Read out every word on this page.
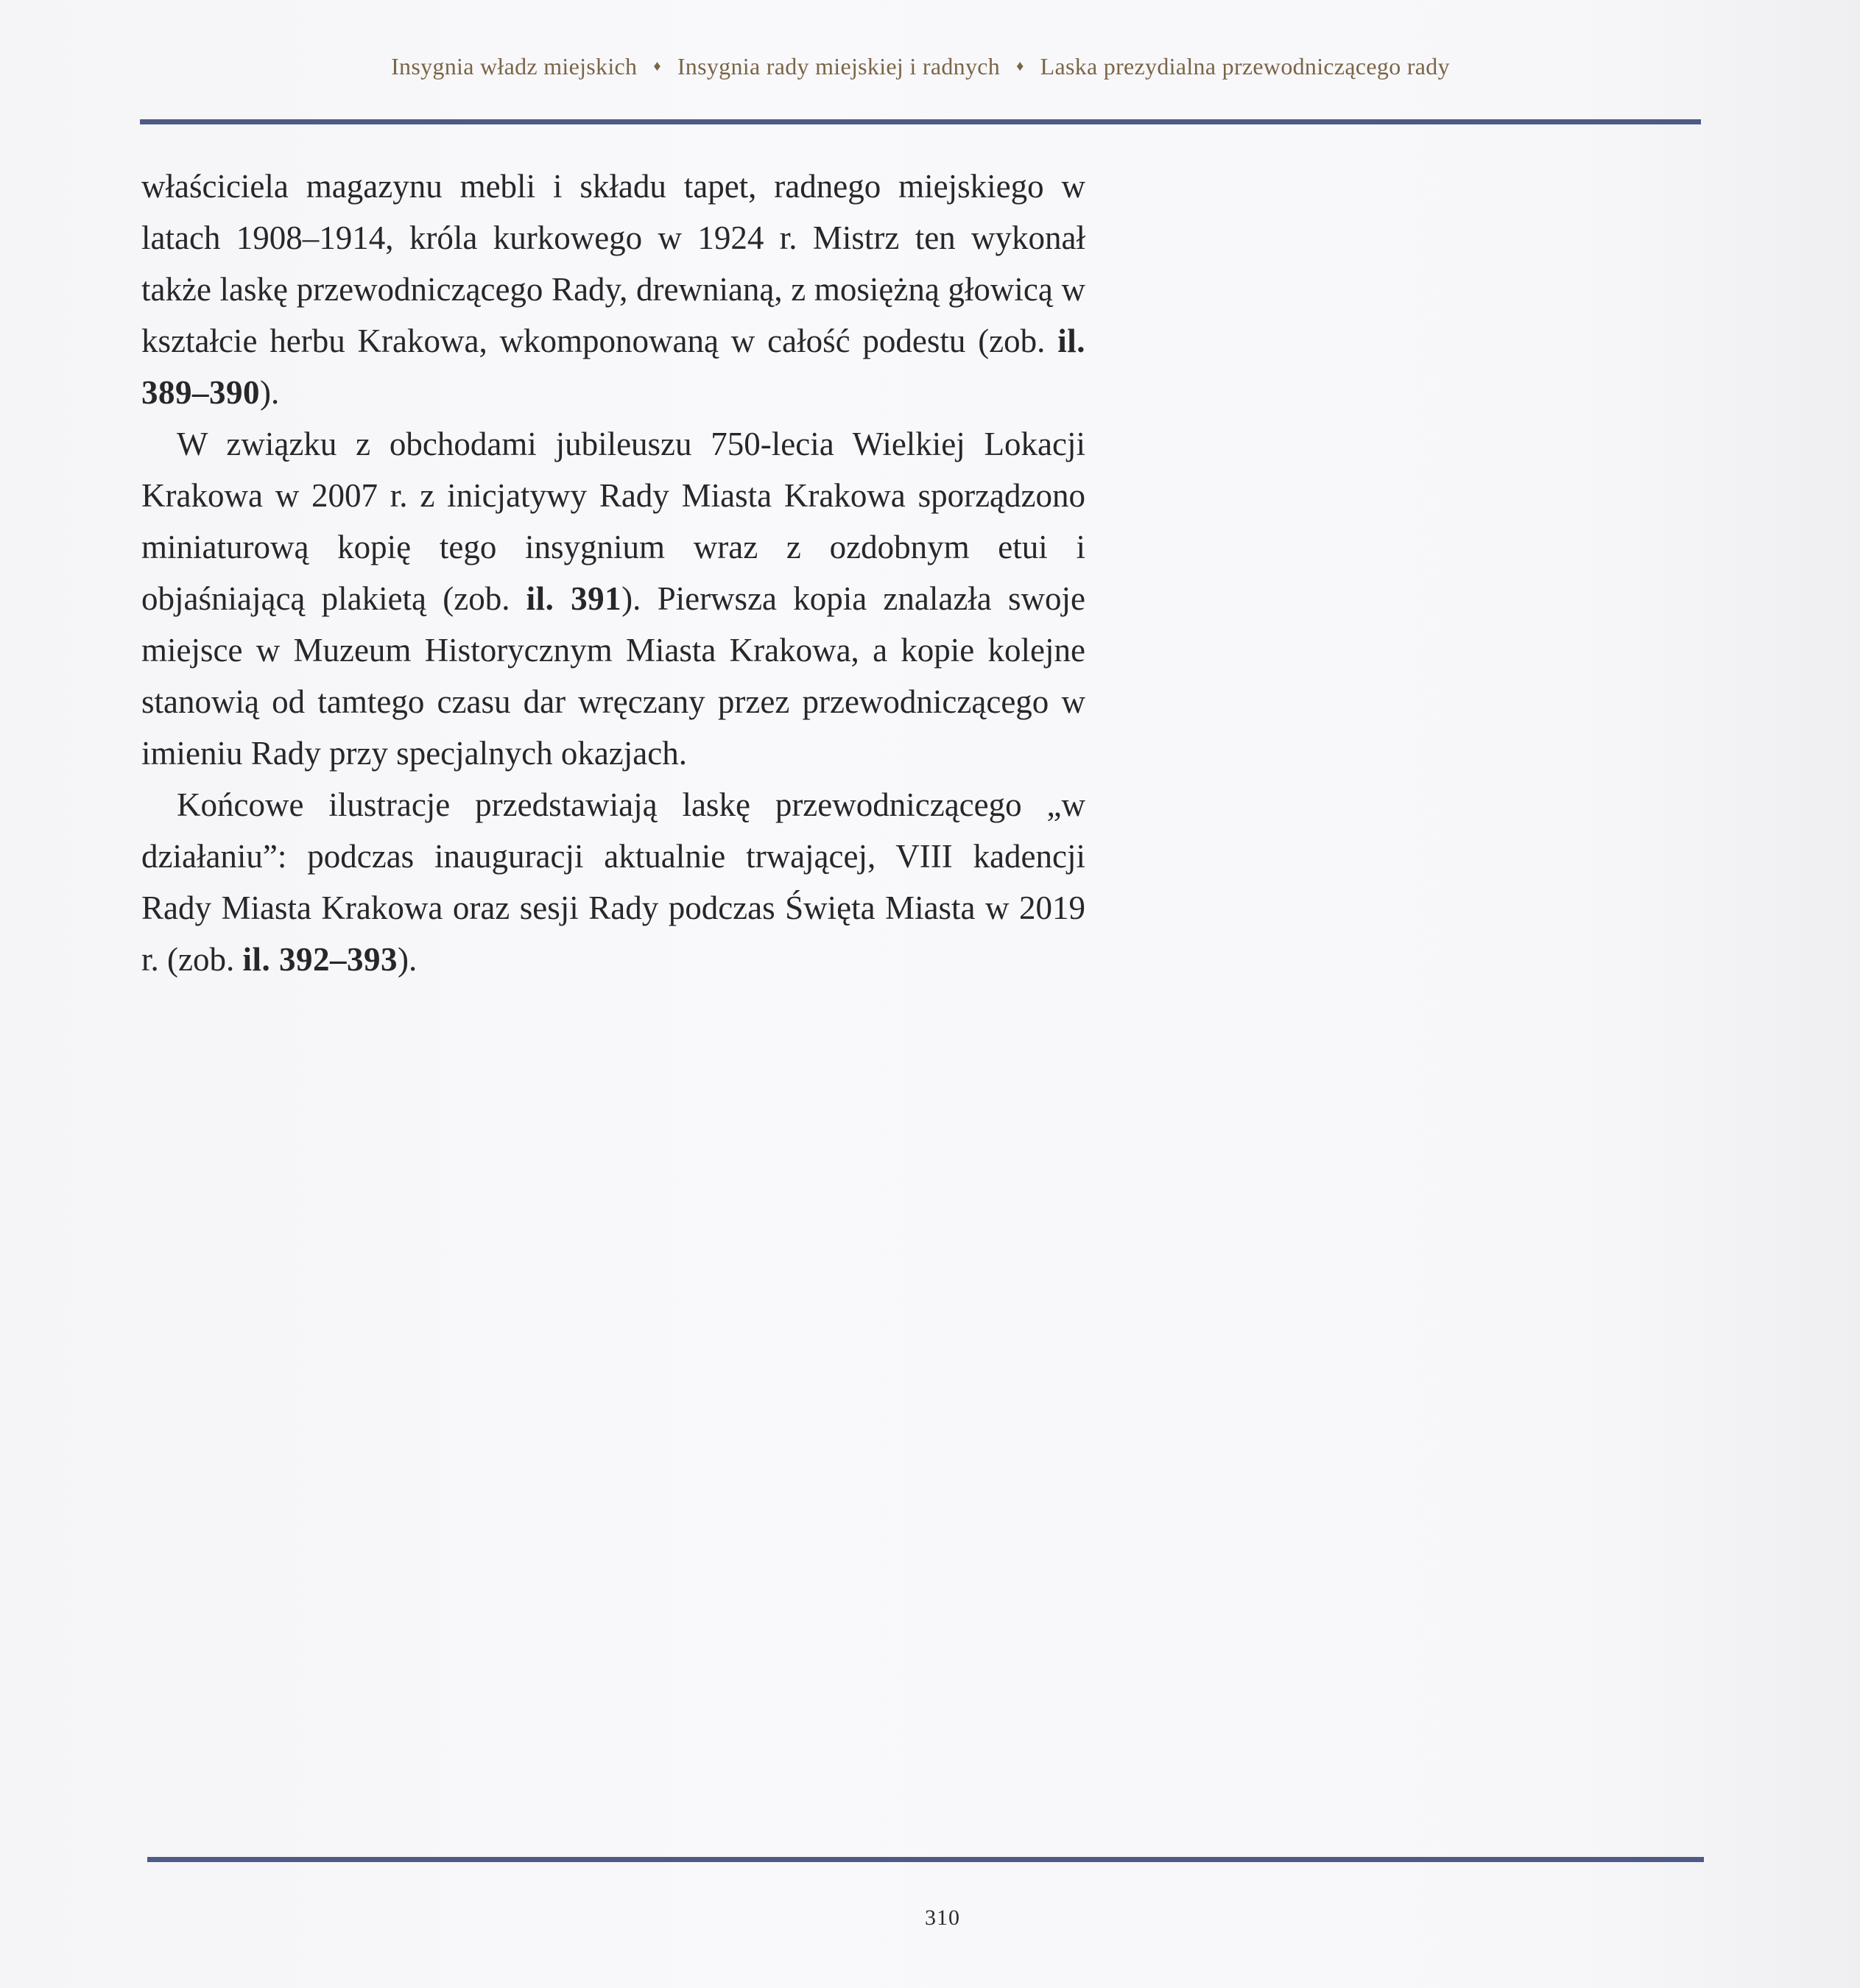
Insygnia władz miejskich ♦ Insygnia rady miejskiej i radnych ♦ Laska prezydialna przewodniczącego rady

właściciela magazynu mebli i składu tapet, radnego miejskiego w latach 1908–1914, króla kurkowego w 1924 r. Mistrz ten wykonał także laskę przewodniczącego Rady, drewnianą, z mosiężną głowicą w kształcie herbu Krakowa, wkomponowaną w całość podestu (zob. il. 389–390).

W związku z obchodami jubileuszu 750-lecia Wielkiej Lokacji Krakowa w 2007 r. z inicjatywy Rady Miasta Krakowa sporządzono miniaturową kopię tego insygnium wraz z ozdobnym etui i objaśniającą plakietą (zob. il. 391). Pierwsza kopia znalazła swoje miejsce w Muzeum Historycznym Miasta Krakowa, a kopie kolejne stanowią od tamtego czasu dar wręczany przez przewodniczącego w imieniu Rady przy specjalnych okazjach.

Końcowe ilustracje przedstawiają laskę przewodniczącego „w działaniu”: podczas inauguracji aktualnie trwającej, VIII kadencji Rady Miasta Krakowa oraz sesji Rady podczas Święta Miasta w 2019 r. (zob. il. 392–393).

310
